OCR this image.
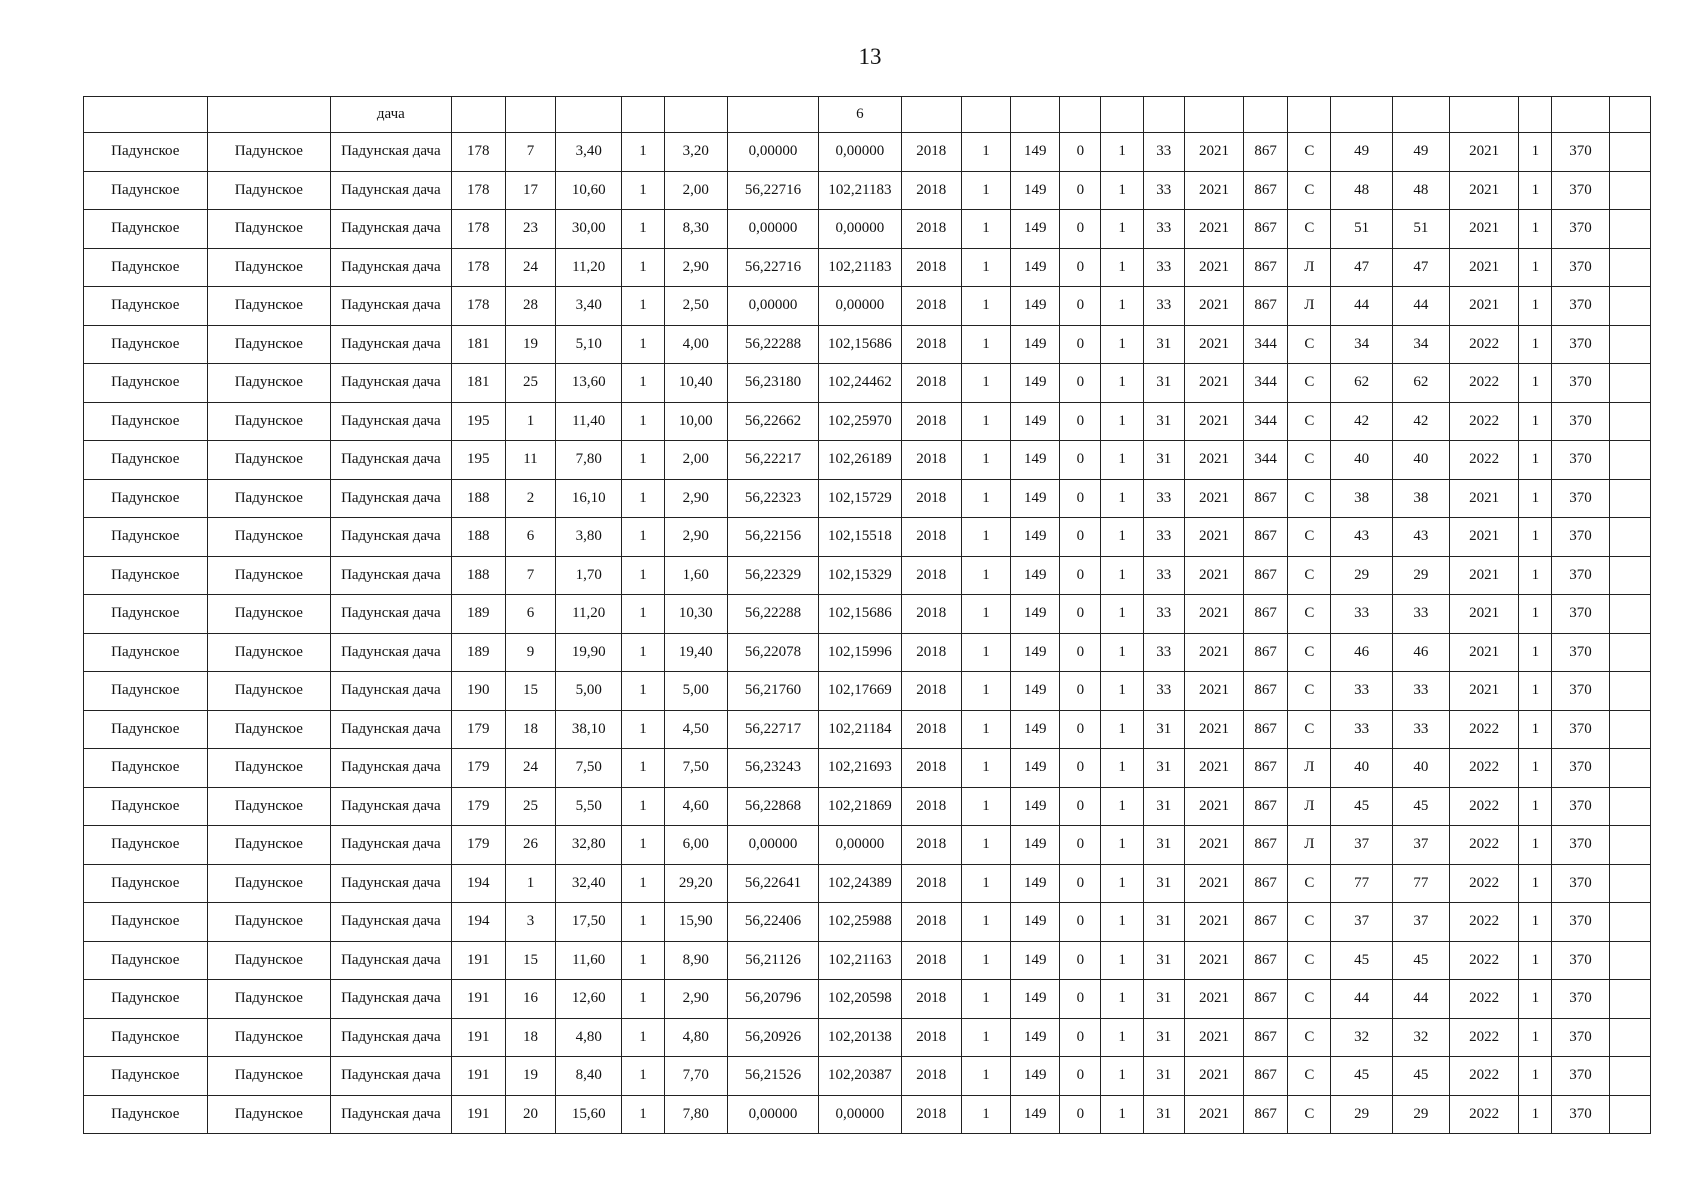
13
		дача							6															
Падунское	Падунское	Падунская дача	178	7	3,40	1	3,20	0,00000	0,00000	2018	1	149	0	1	33	2021	867	С	49	49	2021	1	370	
Падунское	Падунское	Падунская дача	178	17	10,60	1	2,00	56,22716	102,21183	2018	1	149	0	1	33	2021	867	С	48	48	2021	1	370	
Падунское	Падунское	Падунская дача	178	23	30,00	1	8,30	0,00000	0,00000	2018	1	149	0	1	33	2021	867	С	51	51	2021	1	370	
Падунское	Падунское	Падунская дача	178	24	11,20	1	2,90	56,22716	102,21183	2018	1	149	0	1	33	2021	867	Л	47	47	2021	1	370	
Падунское	Падунское	Падунская дача	178	28	3,40	1	2,50	0,00000	0,00000	2018	1	149	0	1	33	2021	867	Л	44	44	2021	1	370	
Падунское	Падунское	Падунская дача	181	19	5,10	1	4,00	56,22288	102,15686	2018	1	149	0	1	31	2021	344	С	34	34	2022	1	370	
Падунское	Падунское	Падунская дача	181	25	13,60	1	10,40	56,23180	102,24462	2018	1	149	0	1	31	2021	344	С	62	62	2022	1	370	
Падунское	Падунское	Падунская дача	195	1	11,40	1	10,00	56,22662	102,25970	2018	1	149	0	1	31	2021	344	С	42	42	2022	1	370	
Падунское	Падунское	Падунская дача	195	11	7,80	1	2,00	56,22217	102,26189	2018	1	149	0	1	31	2021	344	С	40	40	2022	1	370	
Падунское	Падунское	Падунская дача	188	2	16,10	1	2,90	56,22323	102,15729	2018	1	149	0	1	33	2021	867	С	38	38	2021	1	370	
Падунское	Падунское	Падунская дача	188	6	3,80	1	2,90	56,22156	102,15518	2018	1	149	0	1	33	2021	867	С	43	43	2021	1	370	
Падунское	Падунское	Падунская дача	188	7	1,70	1	1,60	56,22329	102,15329	2018	1	149	0	1	33	2021	867	С	29	29	2021	1	370	
Падунское	Падунское	Падунская дача	189	6	11,20	1	10,30	56,22288	102,15686	2018	1	149	0	1	33	2021	867	С	33	33	2021	1	370	
Падунское	Падунское	Падунская дача	189	9	19,90	1	19,40	56,22078	102,15996	2018	1	149	0	1	33	2021	867	С	46	46	2021	1	370	
Падунское	Падунское	Падунская дача	190	15	5,00	1	5,00	56,21760	102,17669	2018	1	149	0	1	33	2021	867	С	33	33	2021	1	370	
Падунское	Падунское	Падунская дача	179	18	38,10	1	4,50	56,22717	102,21184	2018	1	149	0	1	31	2021	867	С	33	33	2022	1	370	
Падунское	Падунское	Падунская дача	179	24	7,50	1	7,50	56,23243	102,21693	2018	1	149	0	1	31	2021	867	Л	40	40	2022	1	370	
Падунское	Падунское	Падунская дача	179	25	5,50	1	4,60	56,22868	102,21869	2018	1	149	0	1	31	2021	867	Л	45	45	2022	1	370	
Падунское	Падунское	Падунская дача	179	26	32,80	1	6,00	0,00000	0,00000	2018	1	149	0	1	31	2021	867	Л	37	37	2022	1	370	
Падунское	Падунское	Падунская дача	194	1	32,40	1	29,20	56,22641	102,24389	2018	1	149	0	1	31	2021	867	С	77	77	2022	1	370	
Падунское	Падунское	Падунская дача	194	3	17,50	1	15,90	56,22406	102,25988	2018	1	149	0	1	31	2021	867	С	37	37	2022	1	370	
Падунское	Падунское	Падунская дача	191	15	11,60	1	8,90	56,21126	102,21163	2018	1	149	0	1	31	2021	867	С	45	45	2022	1	370	
Падунское	Падунское	Падунская дача	191	16	12,60	1	2,90	56,20796	102,20598	2018	1	149	0	1	31	2021	867	С	44	44	2022	1	370	
Падунское	Падунское	Падунская дача	191	18	4,80	1	4,80	56,20926	102,20138	2018	1	149	0	1	31	2021	867	С	32	32	2022	1	370	
Падунское	Падунское	Падунская дача	191	19	8,40	1	7,70	56,21526	102,20387	2018	1	149	0	1	31	2021	867	С	45	45	2022	1	370	
Падунское	Падунское	Падунская дача	191	20	15,60	1	7,80	0,00000	0,00000	2018	1	149	0	1	31	2021	867	С	29	29	2022	1	370	
